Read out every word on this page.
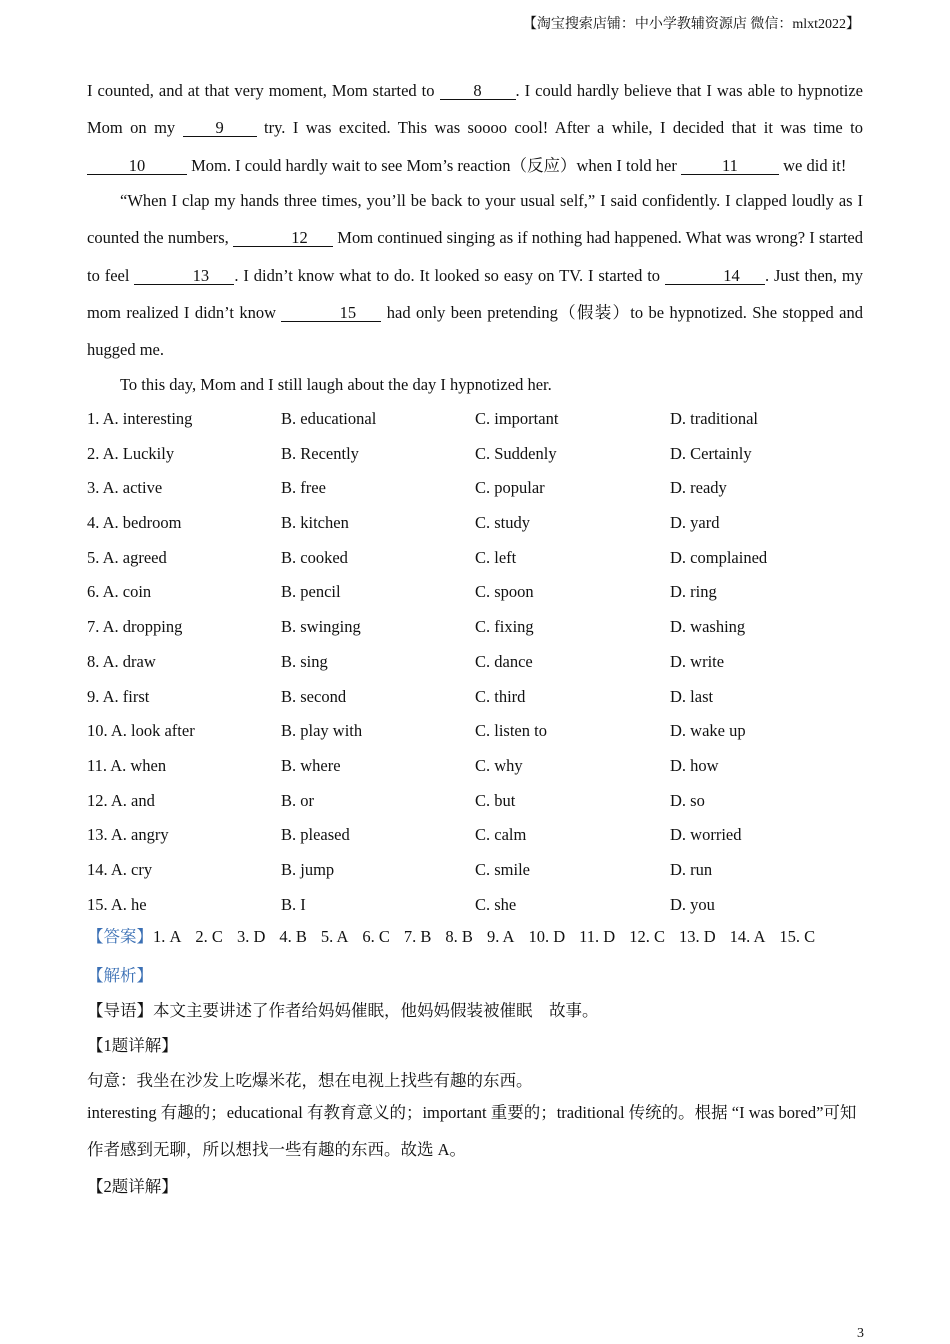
【淘宝搜索店铺：中小学教辅资源店 微信：mlxt2022】

I counted, and at that very moment, Mom started to 8 . I could hardly believe that I was able to hypnotize Mom on my 9 try. I was excited. This was soooo cool! After a while, I decided that it was time to 10	Mom. I could hardly wait to see Mom’s reaction（反应）when I told her 11 we did it!

“When I clap my hands three times, you’ll be back to your usual self,” I said confidently. I clapped loudly as I counted the numbers,	12 Mom continued singing as if nothing had happened. What was wrong? I started to feel	13 . I didn’t know what to do. It looked so easy on TV. I started to	14 . Just then, my mom realized I didn’t know	15 had only been pretending（假装）to be hypnotized. She stopped and hugged me.

To this day, Mom and I still laugh about the day I hypnotized her.

1. A. interesting	B. educational	C. important	D. traditional
2. A. Luckily	B. Recently	C. Suddenly	D. Certainly
3. A. active	B. free	C. popular	D. ready
4. A. bedroom	B. kitchen	C. study	D. yard
5. A. agreed	B. cooked	C. left	D. complained
6. A. coin	B. pencil	C. spoon	D. ring
7. A. dropping	B. swinging	C. fixing	D. washing
8. A. draw	B. sing	C. dance	D. write
9. A. first	B. second	C. third	D. last
10. A. look after	B. play with	C. listen to	D. wake up
11. A. when	B. where	C. why	D. how
12. A. and	B. or	C. but	D. so
13. A. angry	B. pleased	C. calm	D. worried
14. A. cry	B. jump	C. smile	D. run
15. A. he	B. I	C. she	D. you
【答案】1. A 2. C 3. D 4. B 5. A 6. C 7. B 8. B 9. A 10. D 11. D 12. C 13. D 14. A 15. C
【解析】
【导语】本文主要讲述了作者给妈妈催眠，他妈妈假装被催眠　故事。
【1题详解】
句意：我坐在沙发上吃爆米花，想在电视上找些有趣的东西。
interesting 有趣的；educational 有教育意义的；important 重要的；traditional 传统的。根据 “I was bored”可知作者感到无聊，所以想找一些有趣的东西。故选 A。
【2题详解】
3
